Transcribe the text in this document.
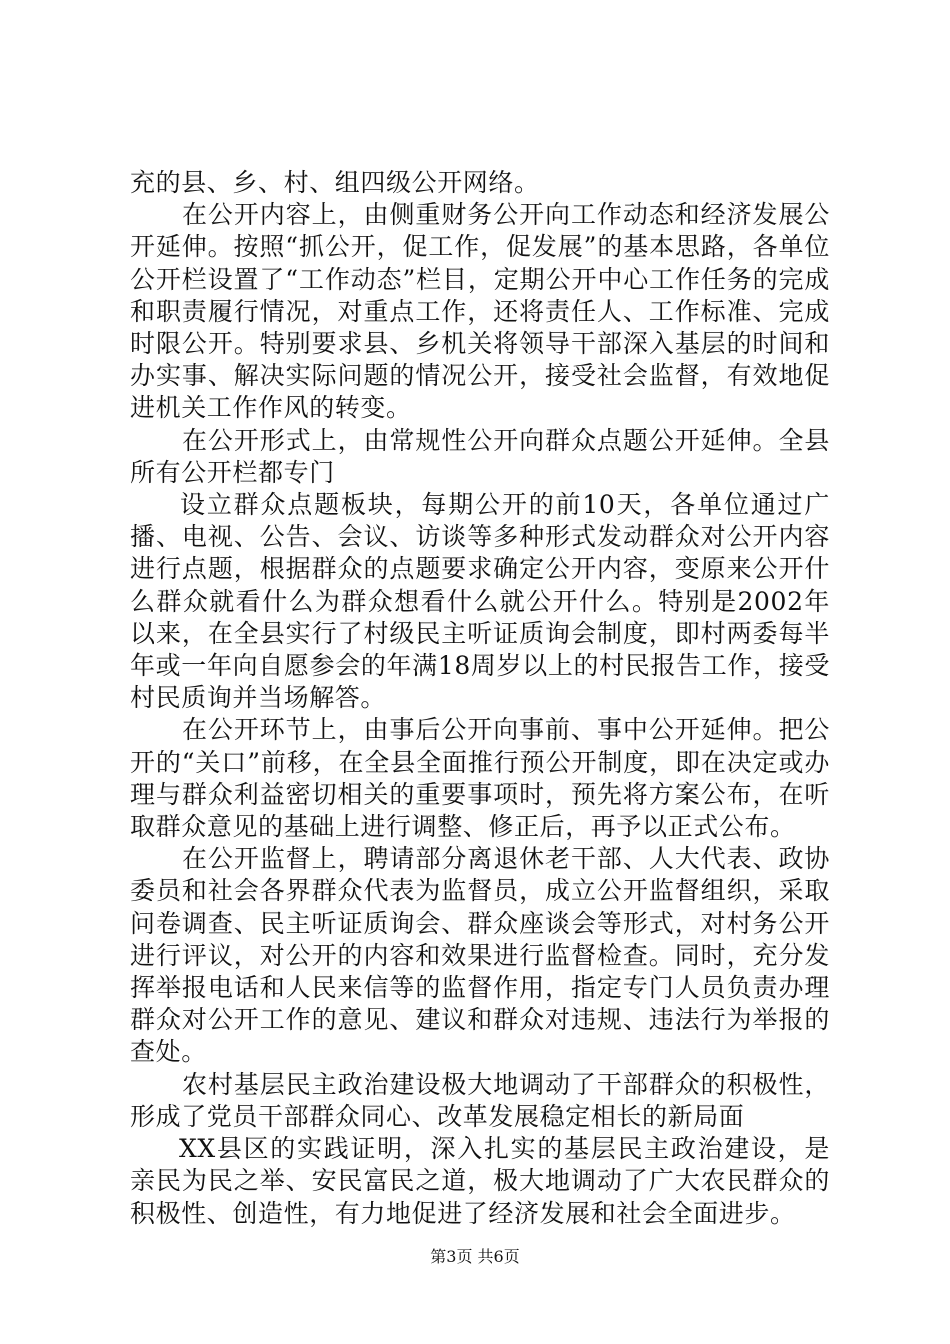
充的县、乡、村、组四级公开网络。

在公开内容上，由侧重财务公开向工作动态和经济发展公开延伸。按照“抓公开，促工作，促发展”的基本思路，各单位公开栏设置了“工作动态”栏目，定期公开中心工作任务的完成和职责履行情况，对重点工作，还将责任人、工作标准、完成时限公开。特别要求县、乡机关将领导干部深入基层的时间和办实事、解决实际问题的情况公开，接受社会监督，有效地促进机关工作作风的转变。

在公开形式上，由常规性公开向群众点题公开延伸。全县所有公开栏都专门

设立群众点题板块，每期公开的前10天，各单位通过广播、电视、公告、会议、访谈等多种形式发动群众对公开内容进行点题，根据群众的点题要求确定公开内容，变原来公开什么群众就看什么为群众想看什么就公开什么。特别是2002年以来，在全县实行了村级民主听证质询会制度，即村两委每半年或一年向自愿参会的年满18周岁以上的村民报告工作，接受村民质询并当场解答。

在公开环节上，由事后公开向事前、事中公开延伸。把公开的“关口”前移，在全县全面推行预公开制度，即在决定或办理与群众利益密切相关的重要事项时，预先将方案公布，在听取群众意见的基础上进行调整、修正后，再予以正式公布。

在公开监督上，聘请部分离退休老干部、人大代表、政协委员和社会各界群众代表为监督员，成立公开监督组织，采取问卷调查、民主听证质询会、群众座谈会等形式，对村务公开进行评议，对公开的内容和效果进行监督检查。同时，充分发挥举报电话和人民来信等的监督作用，指定专门人员负责办理群众对公开工作的意见、建议和群众对违规、违法行为举报的查处。

农村基层民主政治建设极大地调动了干部群众的积极性，形成了党员干部群众同心、改革发展稳定相长的新局面

XX县区的实践证明，深入扎实的基层民主政治建设，是亲民为民之举、安民富民之道，极大地调动了广大农民群众的积极性、创造性，有力地促进了经济发展和社会全面进步。

第3页 共6页
